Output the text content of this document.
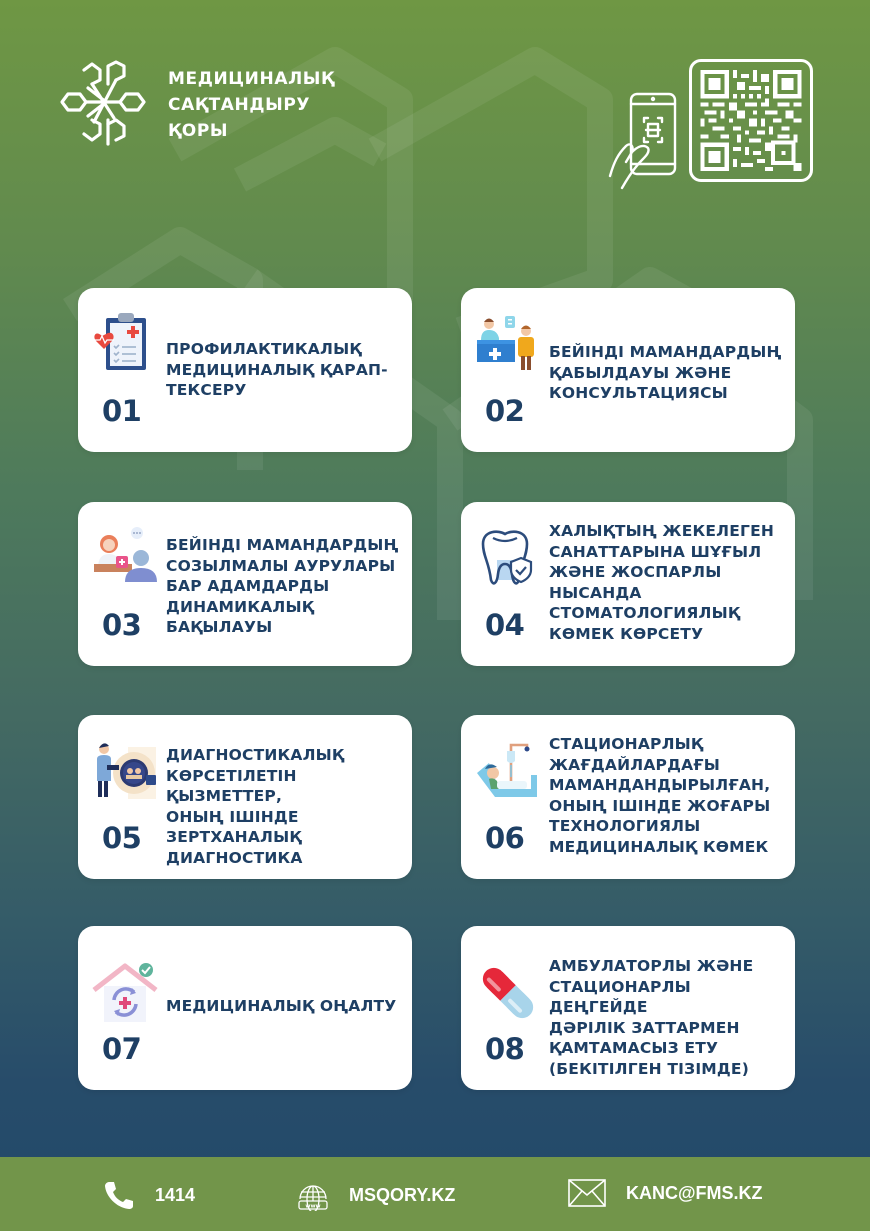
МЕДИЦИНАЛЫҚ
САҚТАНДЫРУ
ҚОРЫ
01
ПРОФИЛАКТИКАЛЫҚ
МЕДИЦИНАЛЫҚ ҚАРАП-
ТЕКСЕРУ
02
БЕЙІНДІ МАМАНДАРДЫҢ
ҚАБЫЛДАУЫ ЖӘНЕ
КОНСУЛЬТАЦИЯСЫ
03
БЕЙІНДІ МАМАНДАРДЫҢ
СОЗЫЛМАЛЫ АУРУЛАРЫ
БАР АДАМДАРДЫ
ДИНАМИКАЛЫҚ
БАҚЫЛАУЫ	04
ХАЛЫҚТЫҢ ЖЕКЕЛЕГЕН
САНАТТАРЫНА ШҰҒЫЛ
ЖӘНЕ ЖОСПАРЛЫ
НЫСАНДА
СТОМАТОЛОГИЯЛЫҚ
КӨМЕК КӨРСЕТУ
05
ДИАГНОСТИКАЛЫҚ
КӨРСЕТІЛЕТІН ҚЫЗМЕТТЕР,
ОНЫҢ ІШІНДЕ
ЗЕРТХАНАЛЫҚ
ДИАГНОСТИКА
06
СТАЦИОНАРЛЫҚ
ЖАҒДАЙЛАРДАҒЫ
МАМАНДАНДЫРЫЛҒАН,
ОНЫҢ ІШІНДЕ ЖОҒАРЫ
ТЕХНОЛОГИЯЛЫ
МЕДИЦИНАЛЫҚ КӨМЕК
07
МЕДИЦИНАЛЫҚ ОҢАЛТУ
08
АМБУЛАТОРЛЫ ЖӘНЕ
СТАЦИОНАРЛЫ ДЕҢГЕЙДЕ
ДӘРІЛІК ЗАТТАРМЕН
ҚАМТАМАСЫЗ ЕТУ
(БЕКІТІЛГЕН ТІЗІМДЕ)
1414
www
MSQORY.KZ	KANC@FMS.KZ
